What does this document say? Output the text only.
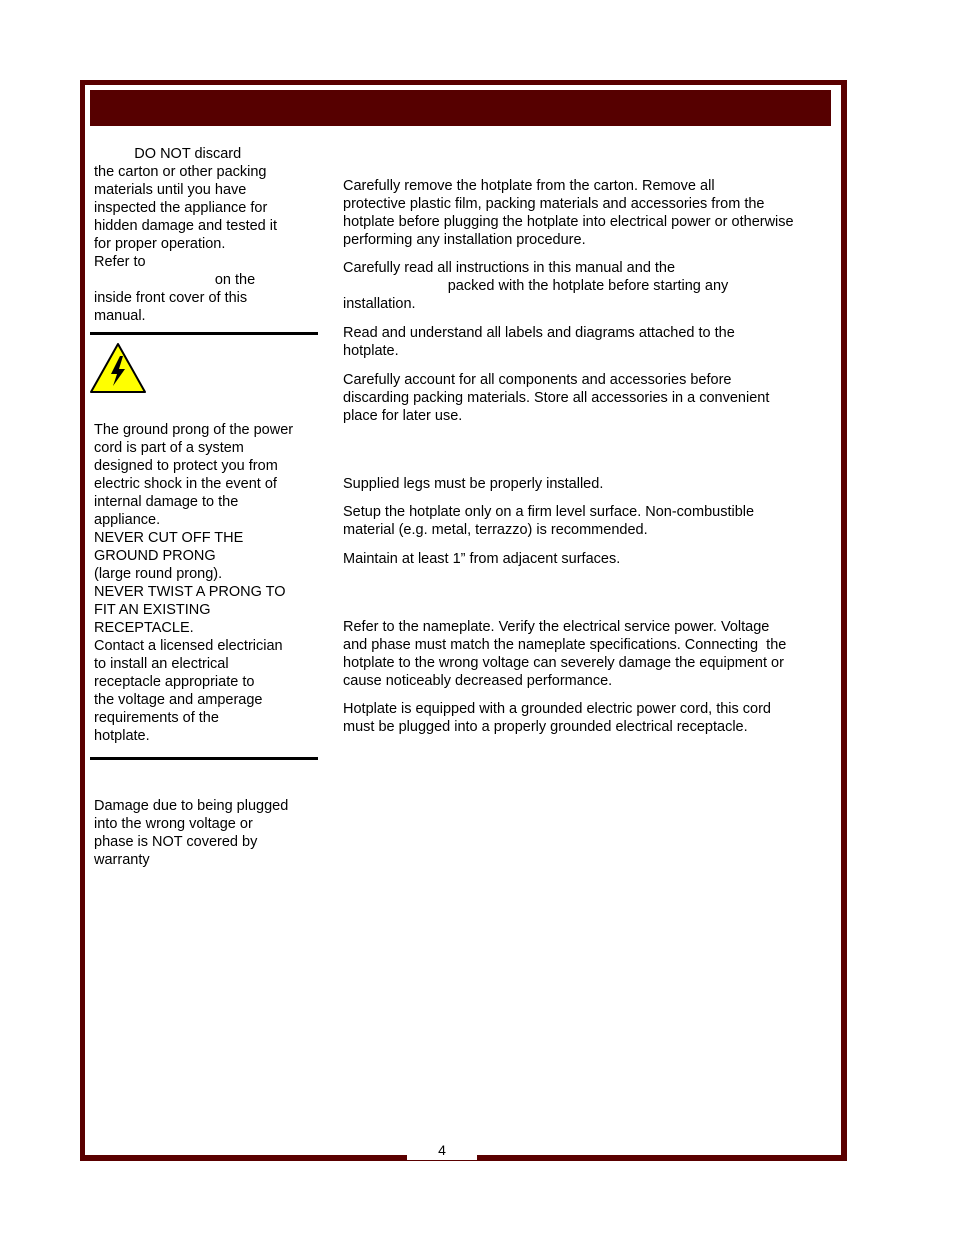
4

DO NOT discard

the carton or other packing

materials until you have

inspected the appliance for

hidden damage and tested it

for proper operation.

Refer to

on the

inside front cover of this

manual.

The ground prong of the power

cord is part of a system

designed to protect you from

electric shock in the event of

internal damage to the

appliance.

NEVER CUT OFF THE

GROUND PRONG

(large round prong).

NEVER TWIST A PRONG TO

FIT AN EXISTING

RECEPTACLE.

Contact a licensed electrician

to install an electrical

receptacle appropriate to

the voltage and amperage

requirements of the

hotplate.

Damage due to being plugged

into the wrong voltage or

phase is NOT covered by

warranty

Carefully remove the hotplate from the carton. Remove all

protective plastic film, packing materials and accessories from the

hotplate before plugging the hotplate into electrical power or otherwise

performing any installation procedure.

Carefully read all instructions in this manual and the

packed with the hotplate before starting any

installation.

Read and understand all labels and diagrams attached to the

hotplate.

Carefully account for all components and accessories before

discarding packing materials. Store all accessories in a convenient

place for later use.

Supplied legs must be properly installed.

Setup the hotplate only on a firm level surface. Non-combustible

material (e.g. metal, terrazzo) is recommended.

Maintain at least 1” from adjacent surfaces.

Refer to the nameplate. Verify the electrical service power. Voltage

and phase must match the nameplate specifications. Connecting  the

hotplate to the wrong voltage can severely damage the equipment or

cause noticeably decreased performance.

Hotplate is equipped with a grounded electric power cord, this cord

must be plugged into a properly grounded electrical receptacle.
